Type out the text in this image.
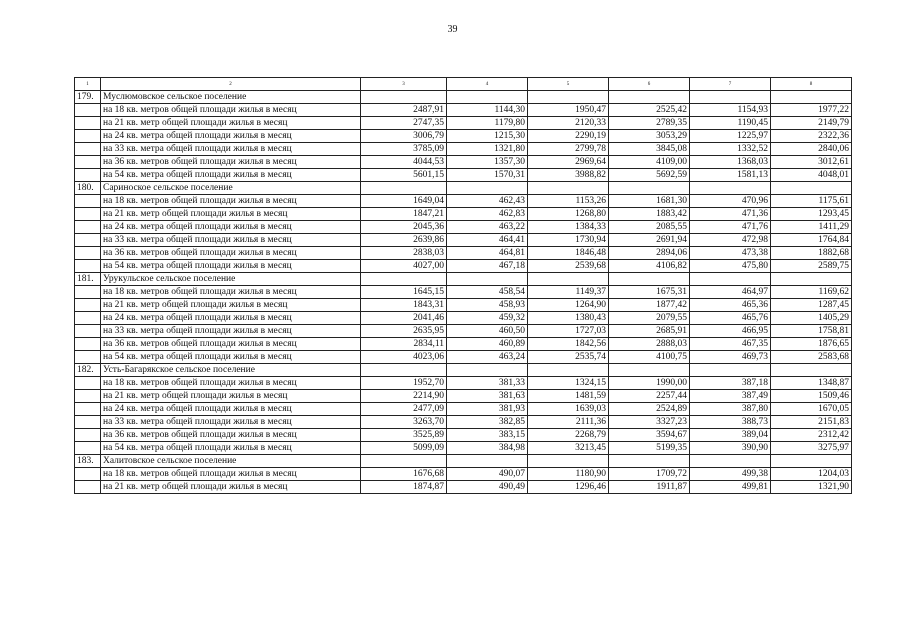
39
1	2	3	4	5	6	7	8
179.	Муслюмовское сельское поселение						
	на 18 кв. метров общей площади жилья в месяц	2487,91	1144,30	1950,47	2525,42	1154,93	1977,22
	на 21 кв. метр общей площади жилья в месяц	2747,35	1179,80	2120,33	2789,35	1190,45	2149,79
	на 24 кв. метра общей площади жилья в месяц	3006,79	1215,30	2290,19	3053,29	1225,97	2322,36
	на 33 кв. метра общей площади жилья в месяц	3785,09	1321,80	2799,78	3845,08	1332,52	2840,06
	на 36 кв. метров общей площади жилья в месяц	4044,53	1357,30	2969,64	4109,00	1368,03	3012,61
	на 54 кв. метра общей площади жилья в месяц	5601,15	1570,31	3988,82	5692,59	1581,13	4048,01
180.	Сариноское сельское поселение						
	на 18 кв. метров общей площади жилья в месяц	1649,04	462,43	1153,26	1681,30	470,96	1175,61
	на 21 кв. метр общей площади жилья в месяц	1847,21	462,83	1268,80	1883,42	471,36	1293,45
	на 24 кв. метра общей площади жилья в месяц	2045,36	463,22	1384,33	2085,55	471,76	1411,29
	на 33 кв. метра общей площади жилья в месяц	2639,86	464,41	1730,94	2691,94	472,98	1764,84
	на 36 кв. метров общей площади жилья в месяц	2838,03	464,81	1846,48	2894,06	473,38	1882,68
	на 54 кв. метра общей площади жилья в месяц	4027,00	467,18	2539,68	4106,82	475,80	2589,75
181.	Урукульское сельское поселение						
	на 18 кв. метров общей площади жилья в месяц	1645,15	458,54	1149,37	1675,31	464,97	1169,62
	на 21 кв. метр общей площади жилья в месяц	1843,31	458,93	1264,90	1877,42	465,36	1287,45
	на 24 кв. метра общей площади жилья в месяц	2041,46	459,32	1380,43	2079,55	465,76	1405,29
	на 33 кв. метра общей площади жилья в месяц	2635,95	460,50	1727,03	2685,91	466,95	1758,81
	на 36 кв. метров общей площади жилья в месяц	2834,11	460,89	1842,56	2888,03	467,35	1876,65
	на 54 кв. метра общей площади жилья в месяц	4023,06	463,24	2535,74	4100,75	469,73	2583,68
182.	Усть-Багарякское сельское поселение						
	на 18 кв. метров общей площади жилья в месяц	1952,70	381,33	1324,15	1990,00	387,18	1348,87
	на 21 кв. метр общей площади жилья в месяц	2214,90	381,63	1481,59	2257,44	387,49	1509,46
	на 24 кв. метра общей площади жилья в месяц	2477,09	381,93	1639,03	2524,89	387,80	1670,05
	на 33 кв. метра общей площади жилья в месяц	3263,70	382,85	2111,36	3327,23	388,73	2151,83
	на 36 кв. метров общей площади жилья в месяц	3525,89	383,15	2268,79	3594,67	389,04	2312,42
	на 54 кв. метра общей площади жилья в месяц	5099,09	384,98	3213,45	5199,35	390,90	3275,97
183.	Халитовское сельское поселение						
	на 18 кв. метров общей площади жилья в месяц	1676,68	490,07	1180,90	1709,72	499,38	1204,03
	на 21 кв. метр общей площади жилья в месяц	1874,87	490,49	1296,46	1911,87	499,81	1321,90
